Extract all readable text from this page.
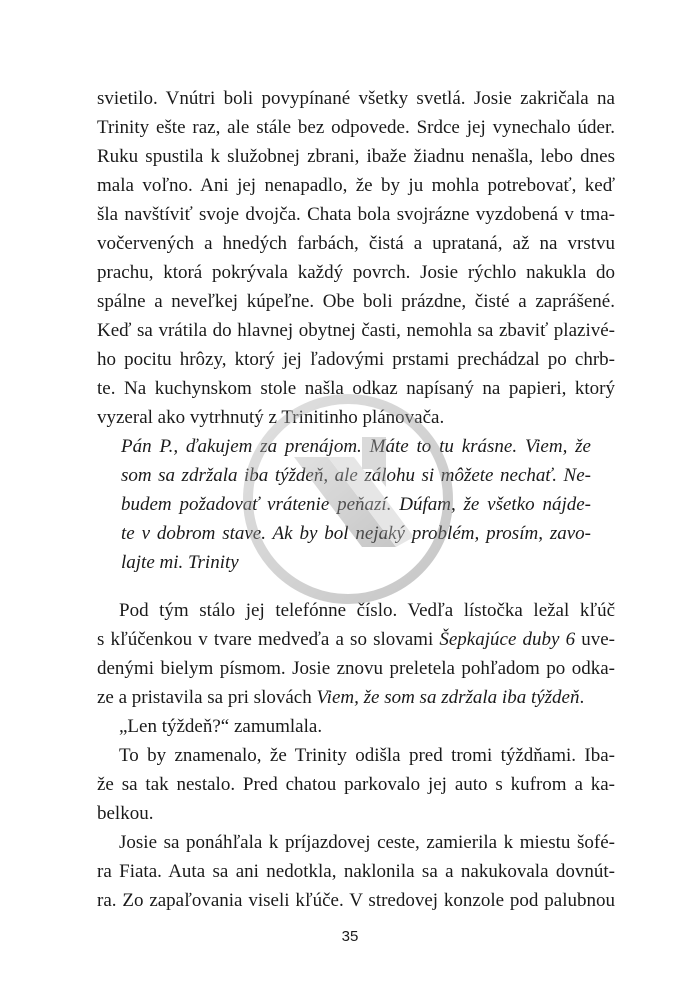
svietilo. Vnútri boli povypínané všetky svetlá. Josie zakričala na
Trinity ešte raz, ale stále bez odpovede. Srdce jej vynechalo úder.
Ruku spustila k služobnej zbrani, ibaže žiadnu nenašla, lebo dnes
mala voľno. Ani jej nenapadlo, že by ju mohla potrebovať, keď
šla navštíviť svoje dvojča. Chata bola svojrázne vyzdobená v tma-
vočervených a hnedých farbách, čistá a uprataná, až na vrstvu
prachu, ktorá pokrývala každý povrch. Josie rýchlo nakukla do
spálne a neveľkej kúpeľne. Obe boli prázdne, čisté a zaprášené.
Keď sa vrátila do hlavnej obytnej časti, nemohla sa zbaviť plazivé-
ho pocitu hrôzy, ktorý jej ľadovými prstami prechádzal po chrb-
te. Na kuchynskom stole našla odkaz napísaný na papieri, ktorý
vyzeral ako vytrhnutý z Trinitinho plánovača.
Pán P., ďakujem za prenájom. Máte to tu krásne. Viem, že
som sa zdržala iba týždeň, ale zálohu si môžete nechať. Ne-
budem požadovať vrátenie peňazí. Dúfam, že všetko nájde-
te v dobrom stave. Ak by bol nejaký problém, prosím, zavo-
lajte mi. Trinity
Pod tým stálo jej telefónne číslo. Vedľa lístočka ležal kľúč
s kľúčenkou v tvare medveďa a so slovami Šepkajúce duby 6 uve-
denými bielym písmom. Josie znovu preletela pohľadom po odka-
ze a pristavila sa pri slovách Viem, že som sa zdržala iba týždeň.
„Len týždeň?“ zamumlala.
To by znamenalo, že Trinity odišla pred tromi týždňami. Iba-
že sa tak nestalo. Pred chatou parkovalo jej auto s kufrom a ka-
belkou.
Josie sa ponáhľala k príjazdovej ceste, zamierila k miestu šofé-
ra Fiata. Auta sa ani nedotkla, naklonila sa a nakukovala dovnút-
ra. Zo zapaľovania viseli kľúče. V stredovej konzole pod palubnou
35
